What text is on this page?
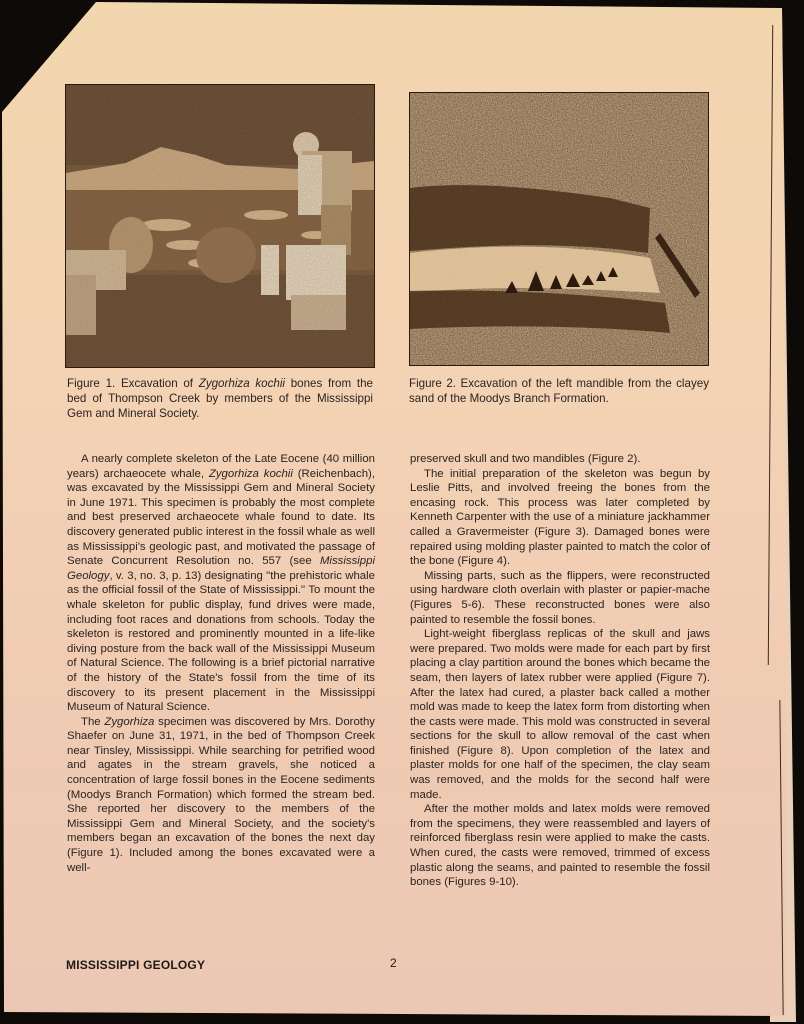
Figure 1. Excavation of Zygorhiza kochii bones from the bed of Thompson Creek by members of the Mississippi Gem and Mineral Society.
Figure 2. Excavation of the left mandible from the clayey sand of the Moodys Branch Formation.

A nearly complete skeleton of the Late Eocene (40 million years) archaeocete whale, Zygorhiza kochii (Reichenbach), was excavated by the Mississippi Gem and Mineral Society in June 1971. This specimen is probably the most complete and best preserved archaeocete whale found to date. Its discovery generated public interest in the fossil whale as well as Mississippi's geologic past, and motivated the passage of Senate Concurrent Resolution no. 557 (see Mississippi Geology, v. 3, no. 3, p. 13) designating "the prehistoric whale as the official fossil of the State of Mississippi." To mount the whale skeleton for public display, fund drives were made, including foot races and donations from schools. Today the skeleton is restored and prominently mounted in a life-like diving posture from the back wall of the Mississippi Museum of Natural Science. The following is a brief pictorial narrative of the history of the State's fossil from the time of its discovery to its present placement in the Mississippi Museum of Natural Science.

The Zygorhiza specimen was discovered by Mrs. Dorothy Shaefer on June 31, 1971, in the bed of Thompson Creek near Tinsley, Mississippi. While searching for petrified wood and agates in the stream gravels, she noticed a concentration of large fossil bones in the Eocene sediments (Moodys Branch Formation) which formed the stream bed. She reported her discovery to the members of the Mississippi Gem and Mineral Society, and the society's members began an excavation of the bones the next day (Figure 1). Included among the bones excavated were a well-

preserved skull and two mandibles (Figure 2).

The initial preparation of the skeleton was begun by Leslie Pitts, and involved freeing the bones from the encasing rock. This process was later completed by Kenneth Carpenter with the use of a miniature jackhammer called a Gravermeister (Figure 3). Damaged bones were repaired using molding plaster painted to match the color of the bone (Figure 4).

Missing parts, such as the flippers, were reconstructed using hardware cloth overlain with plaster or papier-mache (Figures 5-6). These reconstructed bones were also painted to resemble the fossil bones.

Light-weight fiberglass replicas of the skull and jaws were prepared. Two molds were made for each part by first placing a clay partition around the bones which became the seam, then layers of latex rubber were applied (Figure 7). After the latex had cured, a plaster back called a mother mold was made to keep the latex form from distorting when the casts were made. This mold was constructed in several sections for the skull to allow removal of the cast when finished (Figure 8). Upon completion of the latex and plaster molds for one half of the specimen, the clay seam was removed, and the molds for the second half were made.

After the mother molds and latex molds were removed from the specimens, they were reassembled and layers of reinforced fiberglass resin were applied to make the casts. When cured, the casts were removed, trimmed of excess plastic along the seams, and painted to resemble the fossil bones (Figures 9-10).

MISSISSIPPI GEOLOGY	2
